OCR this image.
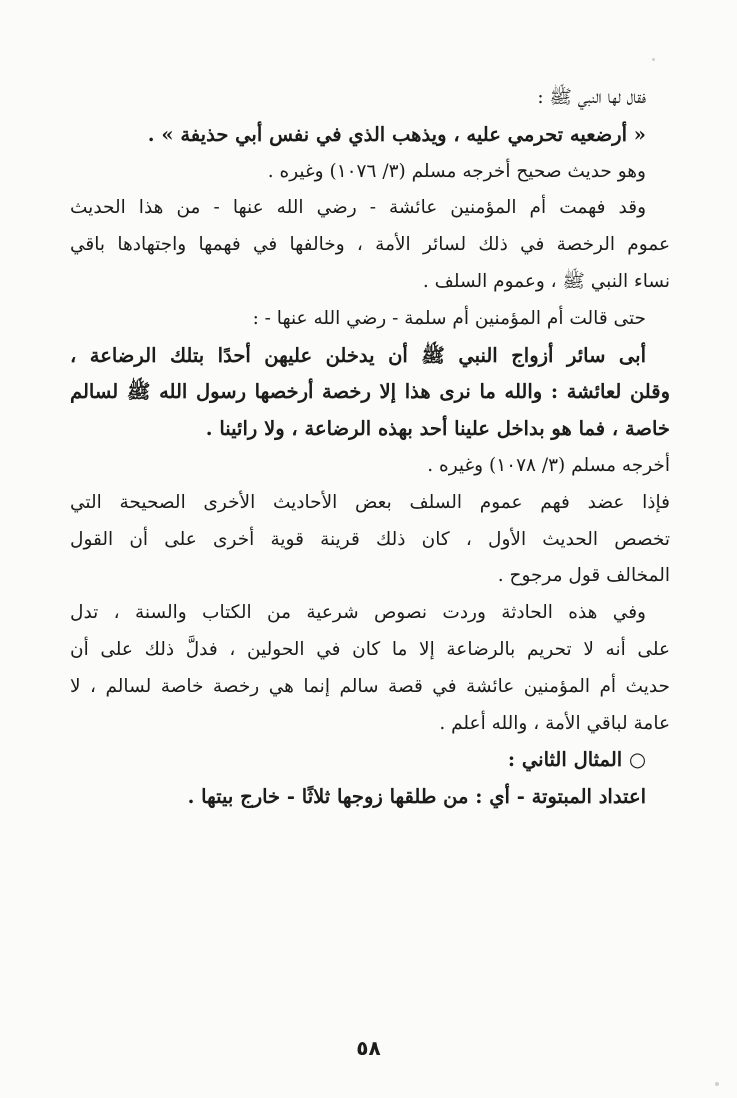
فقال لها النبي ﷺ :
« أرضعيه تحرمي عليه ، ويذهب الذي في نفس أبي حذيفة » .
وهو حديث صحيح أخرجه مسلم (٣/ ١٠٧٦) وغيره .
وقد فهمت أم المؤمنين عائشة - رضي الله عنها - من هذا الحديث
عموم الرخصة في ذلك لسائر الأمة ، وخالفها في فهمها واجتهادها باقي
نساء النبي ﷺ ، وعموم السلف .
حتى قالت أم المؤمنين أم سلمة - رضي الله عنها - :
أبى سائر أزواج النبي ﷺ أن يدخلن عليهن أحدًا بتلك الرضاعة ،
وقلن لعائشة : والله ما نرى هذا إلا رخصة أرخصها رسول الله ﷺ لسالم
خاصة ، فما هو بداخل علينا أحد بهذه الرضاعة ، ولا رائينا .
أخرجه مسلم (٣/ ١٠٧٨) وغيره .
فإذا عضد فهم عموم السلف بعض الأحاديث الأخرى الصحيحة التي
تخصص الحديث الأول ، كان ذلك قرينة قوية أخرى على أن القول
المخالف قول مرجوح .
وفي هذه الحادثة وردت نصوص شرعية من الكتاب والسنة ، تدل
على أنه لا تحريم بالرضاعة إلا ما كان في الحولين ، فدلَّ ذلك على أن
حديث أم المؤمنين عائشة في قصة سالم إنما هي رخصة خاصة لسالم ، لا
عامة لباقي الأمة ، والله أعلم .
○ المثال الثاني :
اعتداد المبتوتة - أي : من طلقها زوجها ثلاثًا - خارج بيتها .
٥٨
